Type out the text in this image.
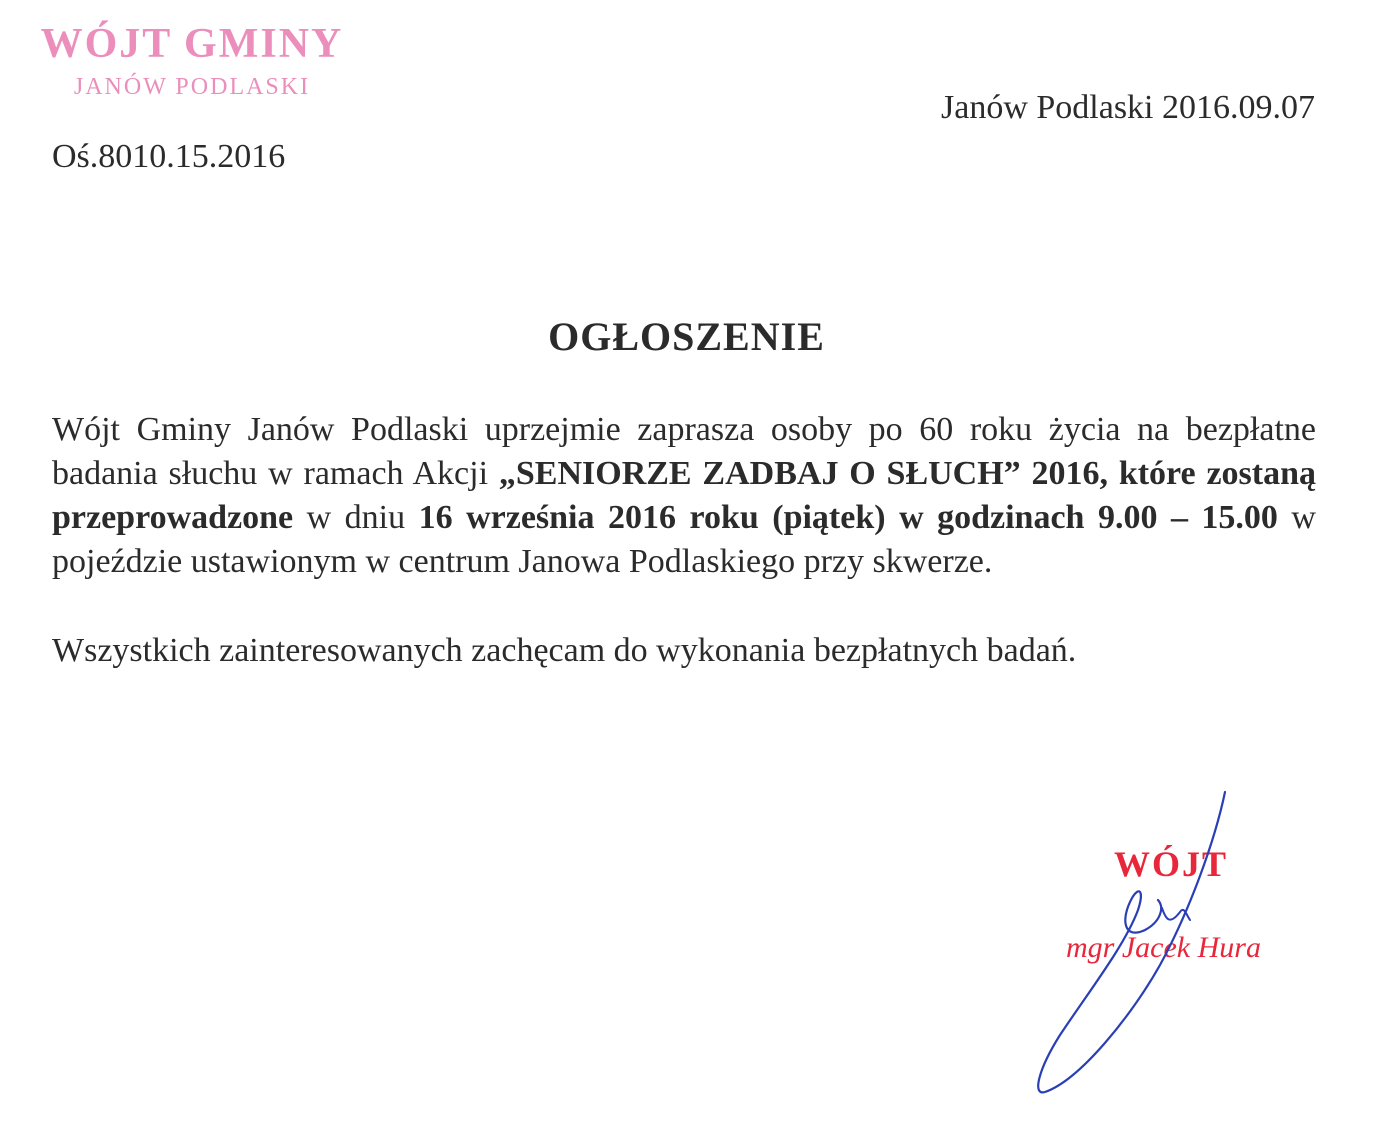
WÓJT GMINY
JANÓW PODLASKI
Janów Podlaski 2016.09.07
Oś.8010.15.2016
OGŁOSZENIE

Wójt Gminy Janów Podlaski uprzejmie zaprasza osoby po 60 roku życia na bezpłatne badania słuchu w ramach Akcji „SENIORZE ZADBAJ O SŁUCH” 2016, które zostaną przeprowadzone w dniu 16 września 2016 roku (piątek) w godzinach 9.00 – 15.00 w pojeździe ustawionym w centrum Janowa Podlaskiego przy skwerze.

Wszystkich zainteresowanych zachęcam do wykonania bezpłatnych badań.

WÓJT
mgr Jacek Hura
